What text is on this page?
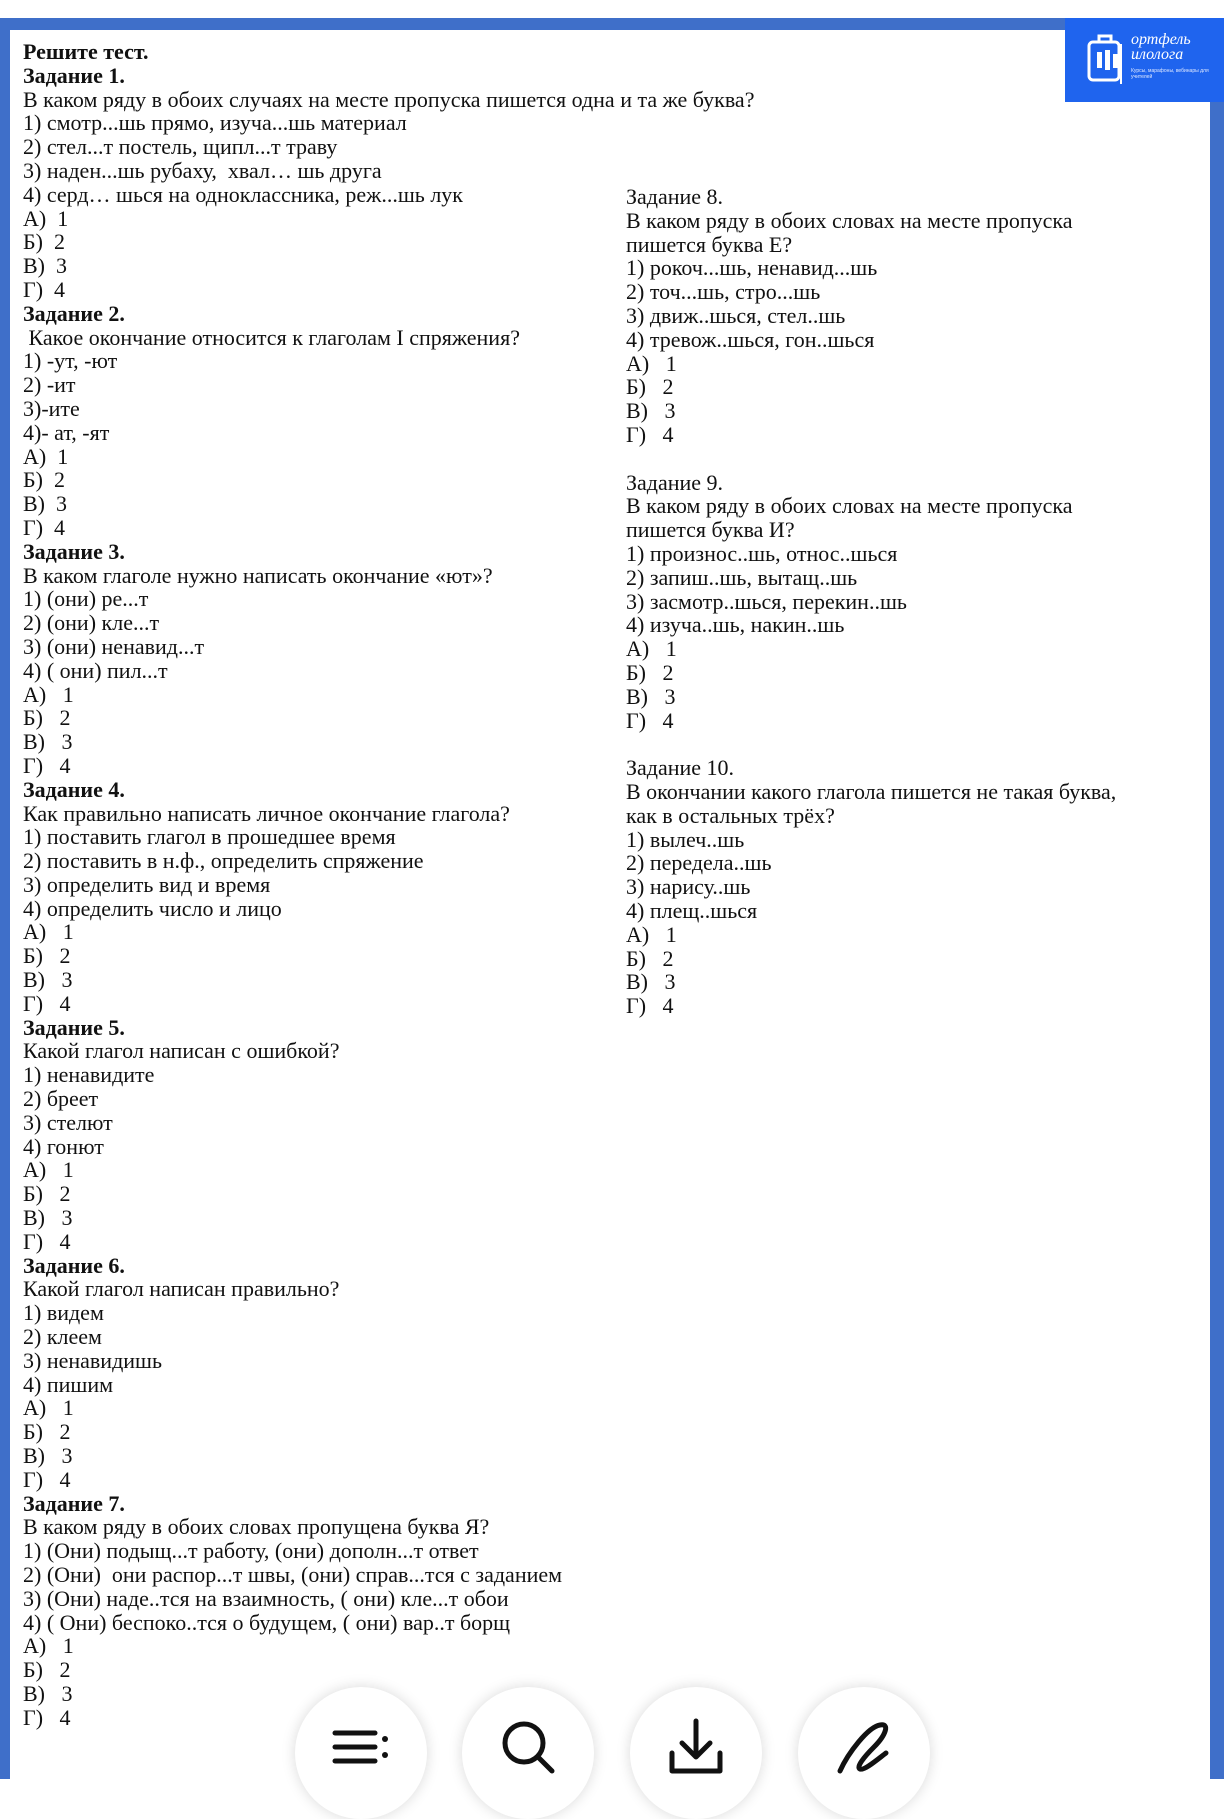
ортфель
илолога
Курсы, марафоны, вебинары для учителей
Решите тест.
Задание 1.
В каком ряду в обоих случаях на месте пропуска пишется одна и та же буква?
1) смотр...шь прямо, изуча...шь материал
2) стел...т постель, щипл...т траву
3) наден...шь рубаху,  хвал… шь друга
4) серд… шься на одноклассника, реж...шь лук
А)  1
Б)  2
В)  3
Г)  4
Задание 2.
Какое окончание относится к глаголам I спряжения?
1) -ут, -ют
2) -ит
3)-ите
4)- ат, -ят
А)  1
Б)  2
В)  3
Г)  4
Задание 3.
В каком глаголе нужно написать окончание «ют»?
1) (они) ре...т
2) (они) кле...т
3) (они) ненавид...т
4) ( они) пил...т
А)   1
Б)   2
В)   3
Г)   4
Задание 4.
Как правильно написать личное окончание глагола?
1) поставить глагол в прошедшее время
2) поставить в н.ф., определить спряжение
3) определить вид и время
4) определить число и лицо
А)   1
Б)   2
В)   3
Г)   4
Задание 5.
Какой глагол написан с ошибкой?
1) ненавидите
2) бреет
3) стелют
4) гонют
А)   1
Б)   2
В)   3
Г)   4
Задание 6.
Какой глагол написан правильно?
1) видем
2) клеем
3) ненавидишь
4) пишим
А)   1
Б)   2
В)   3
Г)   4
Задание 7.
В каком ряду в обоих словах пропущена буква Я?
1) (Они) подыщ...т работу, (они) дополн...т ответ
2) (Они)  они распор...т швы, (они) справ...тся с заданием
3) (Они) наде..тся на взаимность, ( они) кле...т обои
4) ( Они) беспоко..тся о будущем, ( они) вар..т борщ
А)   1
Б)   2
В)   3
Г)   4
Задание 8.
В каком ряду в обоих словах на месте пропуска
пишется буква Е?
1) рокоч...шь, ненавид...шь
2) точ...шь, стро...шь
3) движ..шься, стел..шь
4) тревож..шься, гон..шься
А)   1
Б)   2
В)   3
Г)   4
Задание 9.
В каком ряду в обоих словах на месте пропуска
пишется буква И?
1) произнос..шь, относ..шься
2) запиш..шь, вытащ..шь
3) засмотр..шься, перекин..шь
4) изуча..шь, накин..шь
А)   1
Б)   2
В)   3
Г)   4
Задание 10.
В окончании какого глагола пишется не такая буква,
как в остальных трёх?
1) вылеч..шь
2) передела..шь
3) нарису..шь
4) плещ..шься
А)   1
Б)   2
В)   3
Г)   4
